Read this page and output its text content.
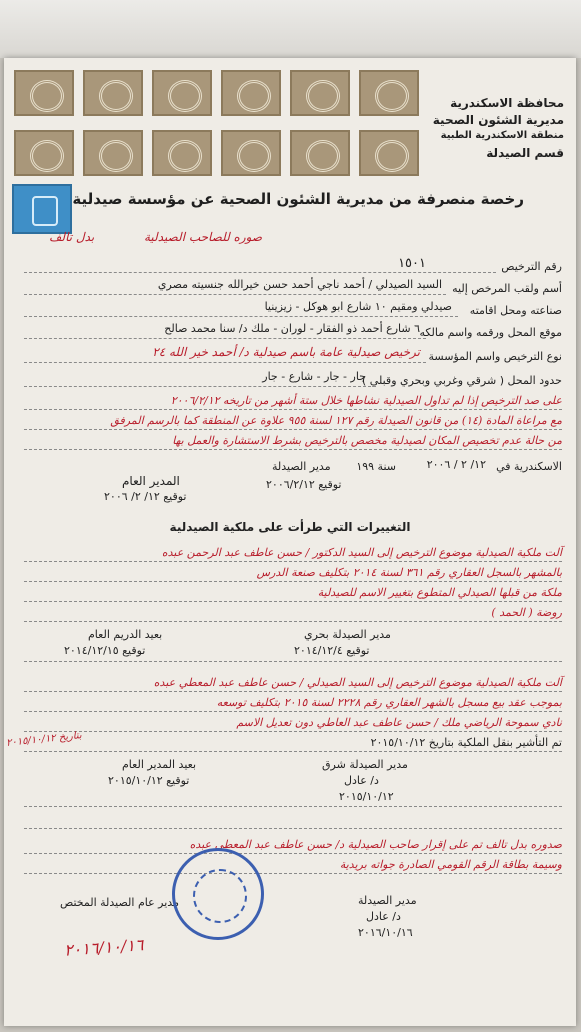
محافظة الاسكندرية
مديرية الشئون الصحية
منطقة الاسكندرية الطبية
قسم الصيدلة
رخصة منصرفة من مديرية الشئون الصحية عن مؤسسة صيدلية
صوره للصاحب الصيدلية
بدل تالف
رقم الترخيص
١٥٠١
أسم ولقب المرخص إليه
السيد الصيدلي / أحمد ناجي أحمد حسن خيرالله جنسيته مصري
صناعته ومحل اقامته
صيدلي ومقيم ١٠ شارع ابو هوكل - زيزينيا
موقع المحل ورقمه واسم مالكه
٦ شارع أحمد ذو الفقار - لوران - ملك د/ سنا محمد صالح
نوع الترخيص واسم المؤسسة
ترخيص صيدلية عامة باسم صيدلية د/ أحمد خير الله ٢٤
حدود المحل ( شرقي وغربي وبحري وقبلي )
جار - جار - شارع - جار
على صد الترخيص إذا لم تداول الصيدلية نشاطها خلال ستة أشهر من تاريخه ٢٠٠٦/٢/١٢
مع مراعاة المادة (١٤) من قانون الصيدلة رقم ١٢٧ لسنة ٩٥٥ علاوة عن المنطقة كما بالرسم المرفق
من حالة عدم تخصيص المكان لصيدلية مخصص بالترخيص بشرط الاستشارة والعمل بها
الاسكندرية في
١٢/ ٢ / ٢٠٠٦
سنة ١٩٩
مدير الصيدلة
توقيع ٢٠٠٦/٢/١٢
المدير العام
توقيع ١٢/ ٢/ ٢٠٠٦
التغييرات التي طرأت على ملكية الصيدلية
آلت ملكية الصيدلية موضوع الترخيص إلى السيد الدكتور / حسن عاطف عبد الرحمن عبده
بالمشهر بالسجل العقاري رقم ٣٦١ لسنة ٢٠١٤ بتكليف صنعة الدرس
ملكة من قبلها الصيدلي المتطوع بتغيير الاسم للصيدلية
روضة ( الحمد )
بعيد الدريم العام
توقيع ٢٠١٤/١٢/١٥
مدير الصيدلة بحري
توقيع ٢٠١٤/١٢/٤
آلت ملكية الصيدلية موضوع الترخيص إلى السيد الصيدلي / حسن عاطف عبد المعطي عبده
بموجب عقد بيع مسجل بالشهر العقاري رقم ٢٢٢٨ لسنة ٢٠١٥ بتكليف توسعه
نادي سموحة الرياضي ملك / حسن عاطف عبد العاطي دون تعديل الاسم
تم التأشير بنقل الملكية بتاريخ ٢٠١٥/١٠/١٢
بتاريخ ٢٠١٥/١٠/١٢
بعيد المدير العام
توقيع ٢٠١٥/١٠/١٢
مدير الصيدلة شرق
د/ عادل
٢٠١٥/١٠/١٢
صدوره بدل تالف تم على إقرار صاحب الصيدلية د/ حسن عاطف عبد المعطي عبده
وسيمة بطاقة الرقم القومي الصادرة جواته بريدية
مدير عام الصيدلة المختص
٢٠١٦/١٠/١٦
مدير الصيدلة
د/ عادل
٢٠١٦/١٠/١٦
